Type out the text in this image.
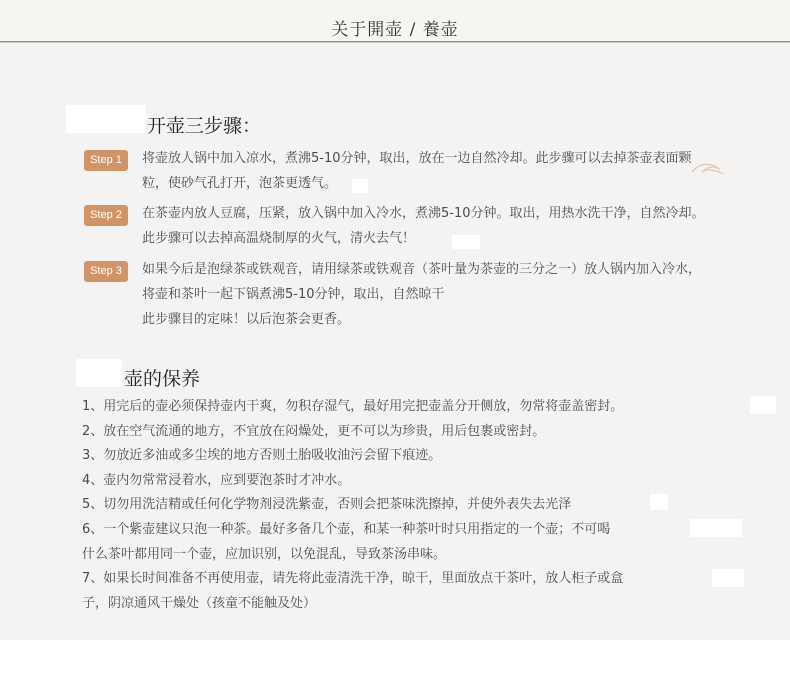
关于開壶 / 養壶
开壶三步骤：
Step 1	将壶放人锅中加入凉水，煮沸5-10分钟，取出，放在一边自然冷却。此步骤可以去掉茶壶表面颗

粒，使砂气孔打开，泡茶更透气。

Step 2	在茶壶内放人豆腐，压紧，放入锅中加入冷水，煮沸5-10分钟。取出，用热水洗干净，自然冷却。

此步骤可以去掉高温烧制厚的火气，清火去气！

Step 3	如果今后是泡绿茶或铁观音，请用绿茶或铁观音（茶叶量为茶壶的三分之一）放人锅内加入冷水，

将壶和茶叶一起下锅煮沸5-10分钟，取出，自然晾干

此步骤目的定味！以后泡茶会更香。

壶的保养

1、用完后的壶必须保持壶内干爽，勿积存湿气，最好用完把壶盖分开侧放，勿常将壶盖密封。

2、放在空气流通的地方，不宜放在闷燥处，更不可以为珍贵，用后包裹或密封。

3、勿放近多油或多尘埃的地方否则土胎吸收油污会留下痕迹。

4、壶内勿常常浸着水，应到要泡茶时才冲水。

5、切勿用洗洁精或任何化学物剂浸洗紫壶，否则会把茶味洗擦掉，并使外表失去光泽

6、一个紫壶建议只泡一种茶。最好多备几个壶，和某一种茶叶时只用指定的一个壶；不可喝

什么茶叶都用同一个壶，应加识别，以免混乱，导致茶汤串味。

7、如果长时间准备不再使用壶，请先将此壶清洗干净，晾干，里面放点干茶叶，放人柜子或盒

子，阴凉通风干燥处（孩童不能触及处）
